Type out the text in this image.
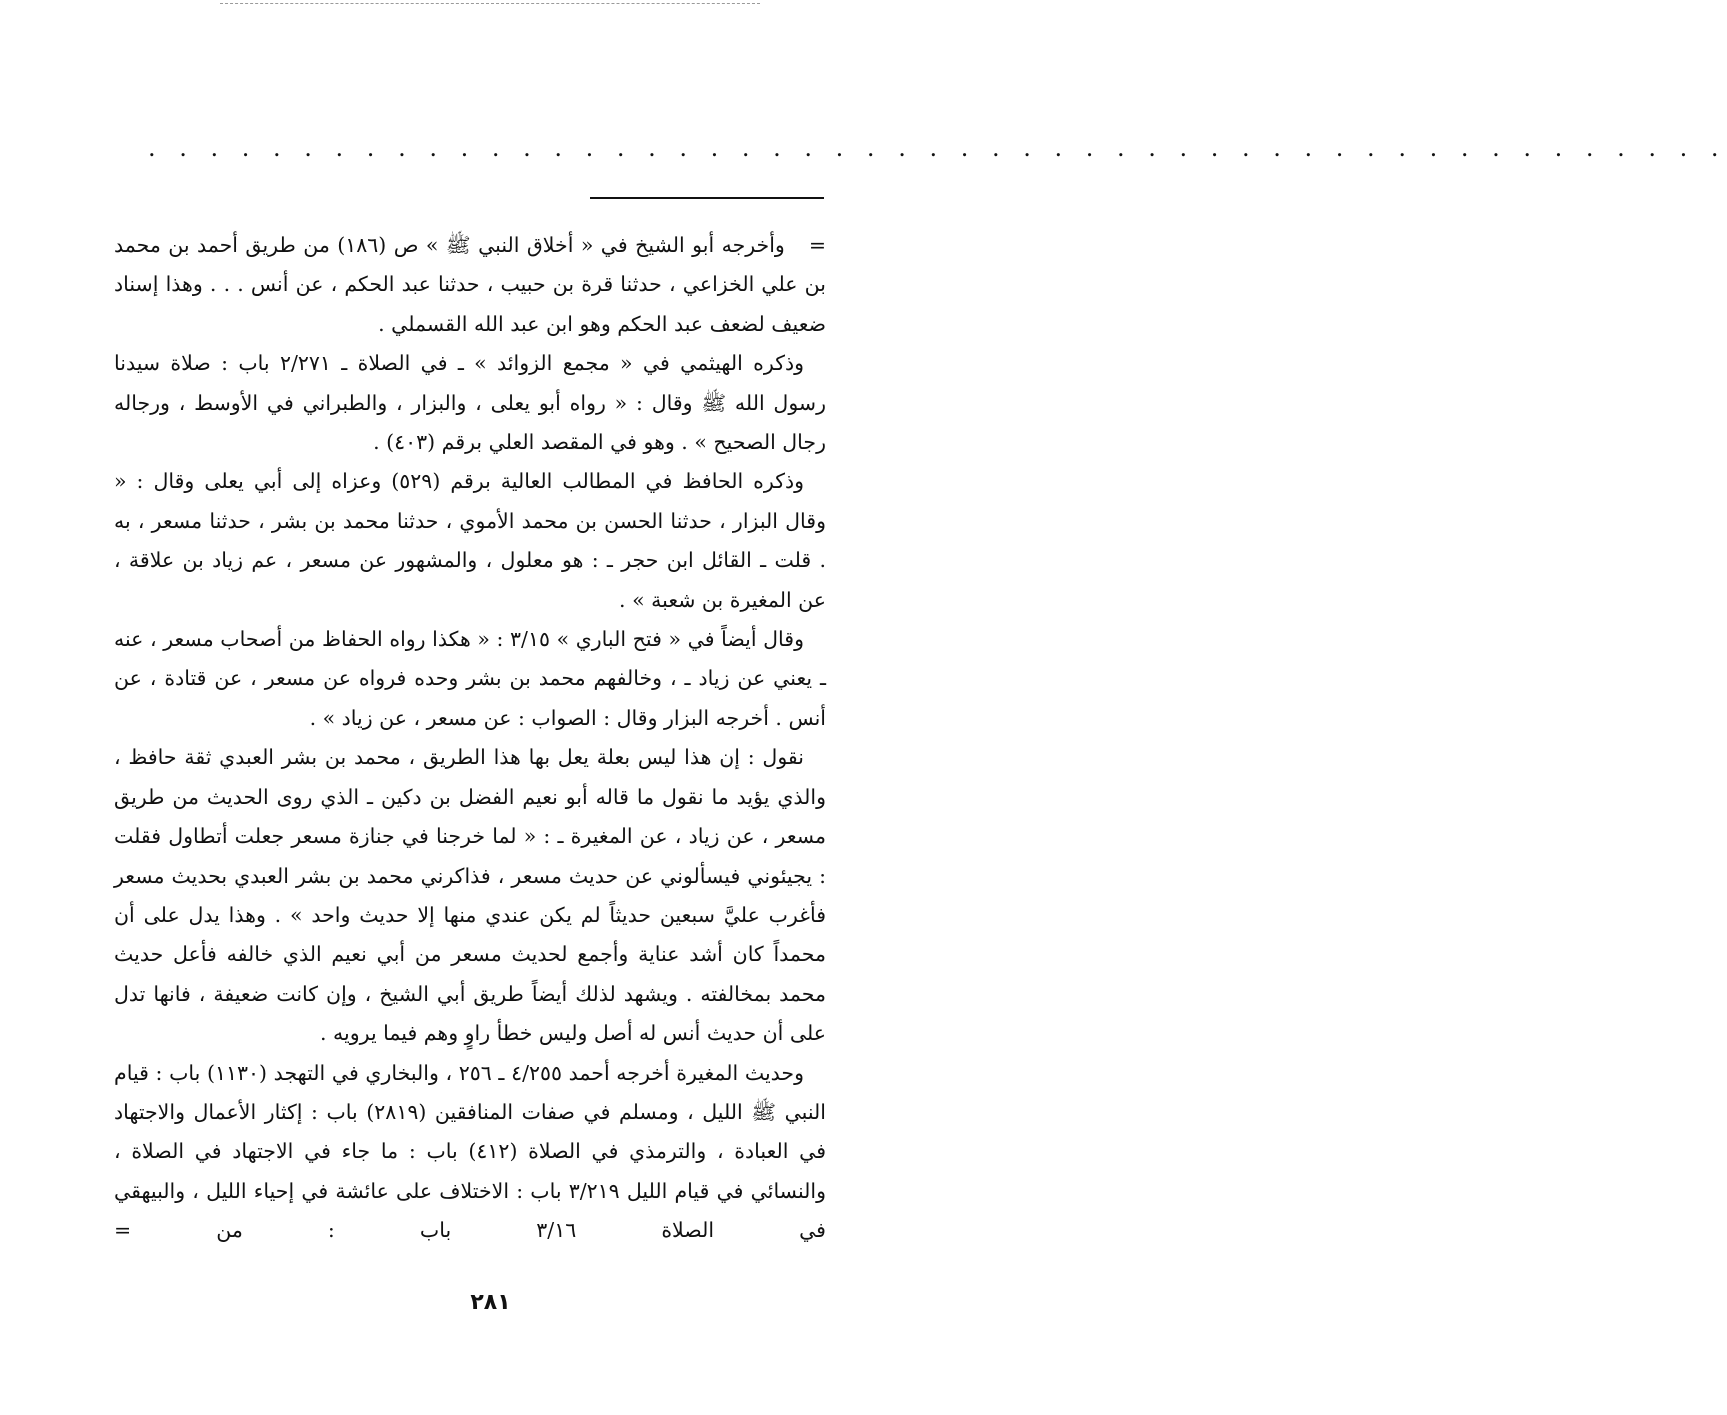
. . . . . . . . . . . . . . . . . . . . . . . . . . . . . . . . . . . . . . . . . . . . . . . . . . .

=وأخرجه أبو الشيخ في « أخلاق النبي ﷺ » ص (١٨٦) من طريق أحمد بن محمد بن علي الخزاعي ، حدثنا قرة بن حبيب ، حدثنا عبد الحكم ، عن أنس . . . وهذا إسناد ضعيف لضعف عبد الحكم وهو ابن عبد الله القسملي .

وذكره الهيثمي في « مجمع الزوائد » ـ في الصلاة ـ ٢/٢٧١ باب : صلاة سيدنا رسول الله ﷺ وقال : « رواه أبو يعلى ، والبزار ، والطبراني في الأوسط ، ورجاله رجال الصحيح » . وهو في المقصد العلي برقم (٤٠٣) .

وذكره الحافظ في المطالب العالية برقم (٥٢٩) وعزاه إلى أبي يعلى وقال : « وقال البزار ، حدثنا الحسن بن محمد الأموي ، حدثنا محمد بن بشر ، حدثنا مسعر ، به . قلت ـ القائل ابن حجر ـ : هو معلول ، والمشهور عن مسعر ، عم زياد بن علاقة ، عن المغيرة بن شعبة » .

وقال أيضاً في « فتح الباري » ٣/١٥ : « هكذا رواه الحفاظ من أصحاب مسعر ، عنه ـ يعني عن زياد ـ ، وخالفهم محمد بن بشر وحده فرواه عن مسعر ، عن قتادة ، عن أنس . أخرجه البزار وقال : الصواب : عن مسعر ، عن زياد » .

نقول : إن هذا ليس بعلة يعل بها هذا الطريق ، محمد بن بشر العبدي ثقة حافظ ، والذي يؤيد ما نقول ما قاله أبو نعيم الفضل بن دكين ـ الذي روى الحديث من طريق مسعر ، عن زياد ، عن المغيرة ـ : « لما خرجنا في جنازة مسعر جعلت أتطاول فقلت : يجيئوني فيسألوني عن حديث مسعر ، فذاكرني محمد بن بشر العبدي بحديث مسعر فأغرب عليَّ سبعين حديثاً لم يكن عندي منها إلا حديث واحد » . وهذا يدل على أن محمداً كان أشد عناية وأجمع لحديث مسعر من أبي نعيم الذي خالفه فأعل حديث محمد بمخالفته . ويشهد لذلك أيضاً طريق أبي الشيخ ، وإن كانت ضعيفة ، فانها تدل على أن حديث أنس له أصل وليس خطأ راوٍ وهم فيما يرويه .

وحديث المغيرة أخرجه أحمد ٤/٢٥٥ ـ ٢٥٦ ، والبخاري في التهجد (١١٣٠) باب : قيام النبي ﷺ الليل ، ومسلم في صفات المنافقين (٢٨١٩) باب : إكثار الأعمال والاجتهاد في العبادة ، والترمذي في الصلاة (٤١٢) باب : ما جاء في الاجتهاد في الصلاة ، والنسائي في قيام الليل ٣/٢١٩ باب : الاختلاف على عائشة في إحياء الليل ، والبيهقي في الصلاة ٣/١٦ باب : من =

٢٨١
